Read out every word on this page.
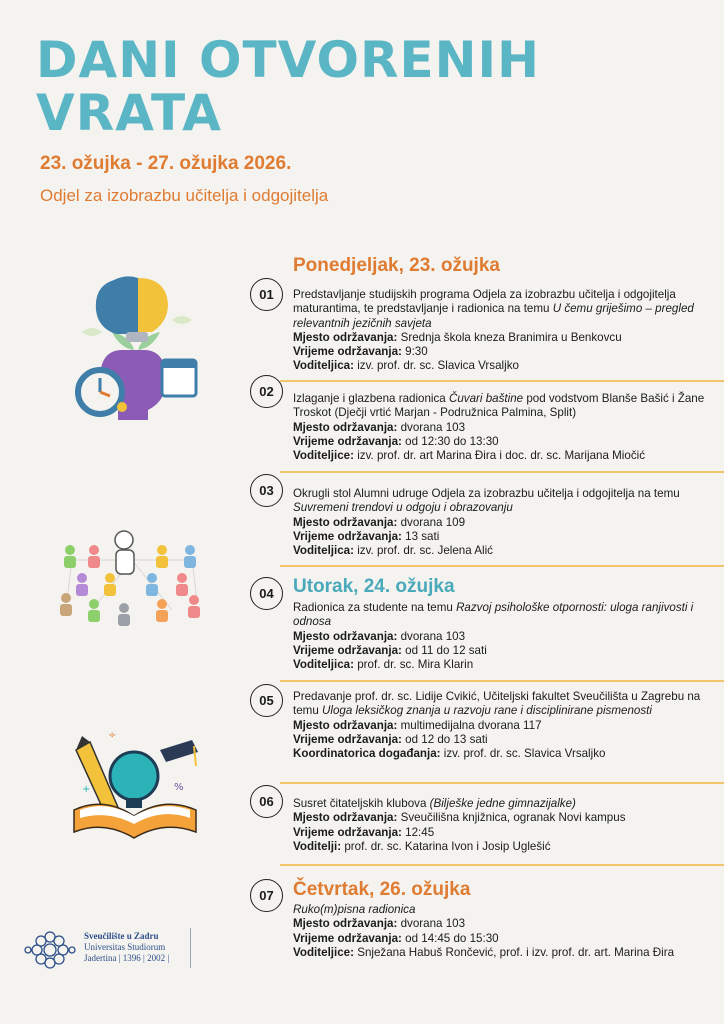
DANI OTVORENIH
VRATA
23. ožujka - 27. ožujka 2026.
Odjel za izobrazbu učitelja i odgojitelja
÷
%
+
Ponedjeljak, 23. ožujka
Utorak, 24. ožujka
Četvrtak, 26. ožujka
01	Predstavljanje studijskih programa Odjela za izobrazbu učitelja i odgojitelja maturantima, te predstavljanje i radionica na temu U čemu griješimo – pregled relevantnih jezičnih savjeta
Mjesto održavanja: Srednja škola kneza Branimira u Benkovcu
Vrijeme održavanja: 9:30
Voditeljica: izv. prof. dr. sc. Slavica Vrsaljko
02	Izlaganje i glazbena radionica Čuvari baštine pod vodstvom Blanše Bašić i Žane Troskot (Dječji vrtić Marjan - Podružnica Palmina, Split)
Mjesto održavanja: dvorana 103
Vrijeme održavanja: od 12:30 do 13:30
Voditeljice: izv. prof. dr. art Marina Đira i doc. dr. sc. Marijana Miočić
03	Okrugli stol Alumni udruge Odjela za izobrazbu učitelja i odgojitelja na temu Suvremeni trendovi u odgoju i obrazovanju
Mjesto održavanja: dvorana 109
Vrijeme održavanja: 13 sati
Voditeljica: izv. prof. dr. sc. Jelena Alić
04
Radionica za studente na temu Razvoj psihološke otpornosti: uloga ranjivosti i odnosa
Mjesto održavanja: dvorana 103
Vrijeme održavanja: od 11 do 12 sati
Voditeljica: prof. dr. sc. Mira Klarin
05	Predavanje prof. dr. sc. Lidije Cvikić, Učiteljski fakultet Sveučilišta u Zagrebu na temu Uloga leksičkog znanja u razvoju rane i disciplinirane pismenosti
Mjesto održavanja: multimedijalna dvorana 117
Vrijeme održavanja: od 12 do 13 sati
Koordinatorica događanja: izv. prof. dr. sc. Slavica Vrsaljko
06	Susret čitateljskih klubova (Bilješke jedne gimnazijalke)
Mjesto održavanja: Sveučilišna knjižnica, ogranak Novi kampus
Vrijeme održavanja: 12:45
Voditelji: prof. dr. sc. Katarina Ivon i Josip Uglešić
07
Ruko(m)pisna radionica
Mjesto održavanja: dvorana 103
Vrijeme održavanja: od 14:45 do 15:30
Voditeljice: Snježana Habuš Rončević, prof. i izv. prof. dr. art. Marina Đira
Sveučilište u Zadru
Universitas Studiorum
Jadertina | 1396 | 2002 |
